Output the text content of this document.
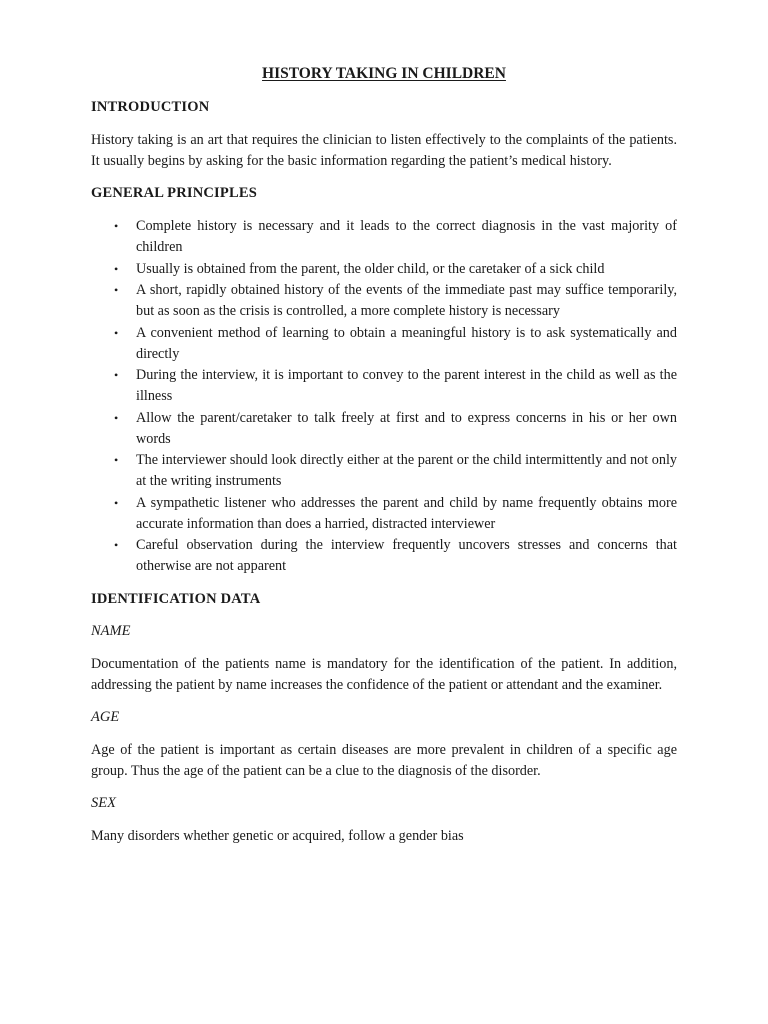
HISTORY TAKING IN CHILDREN
INTRODUCTION

History taking is an art that requires the clinician to listen effectively to the complaints of the patients. It usually begins by asking for the basic information regarding the patient’s medical history.

GENERAL PRINCIPLES
• Complete history is necessary and it leads to the correct diagnosis in the vast majority of children
• Usually is obtained from the parent, the older child, or the caretaker of a sick child
• A short, rapidly obtained history of the events of the immediate past may suffice temporarily, but as soon as the crisis is controlled, a more complete history is necessary
• A convenient method of learning to obtain a meaningful history is to ask systematically and directly
• During the interview, it is important to convey to the parent interest in the child as well as the illness
• Allow the parent/caretaker to talk freely at first and to express concerns in his or her own words
• The interviewer should look directly either at the parent or the child intermittently and not only at the writing instruments
• A sympathetic listener who addresses the parent and child by name frequently obtains more accurate information than does a harried, distracted interviewer
• Careful observation during the interview frequently uncovers stresses and concerns that otherwise are not apparent
IDENTIFICATION DATA
NAME

Documentation of the patients name is mandatory for the identification of the patient. In addition, addressing the patient by name increases the confidence of the patient or attendant and the examiner.

AGE

Age of the patient is important as certain diseases are more prevalent in children of a specific age group. Thus the age of the patient can be a clue to the diagnosis of the disorder.

SEX

Many disorders whether genetic or acquired, follow a gender bias
